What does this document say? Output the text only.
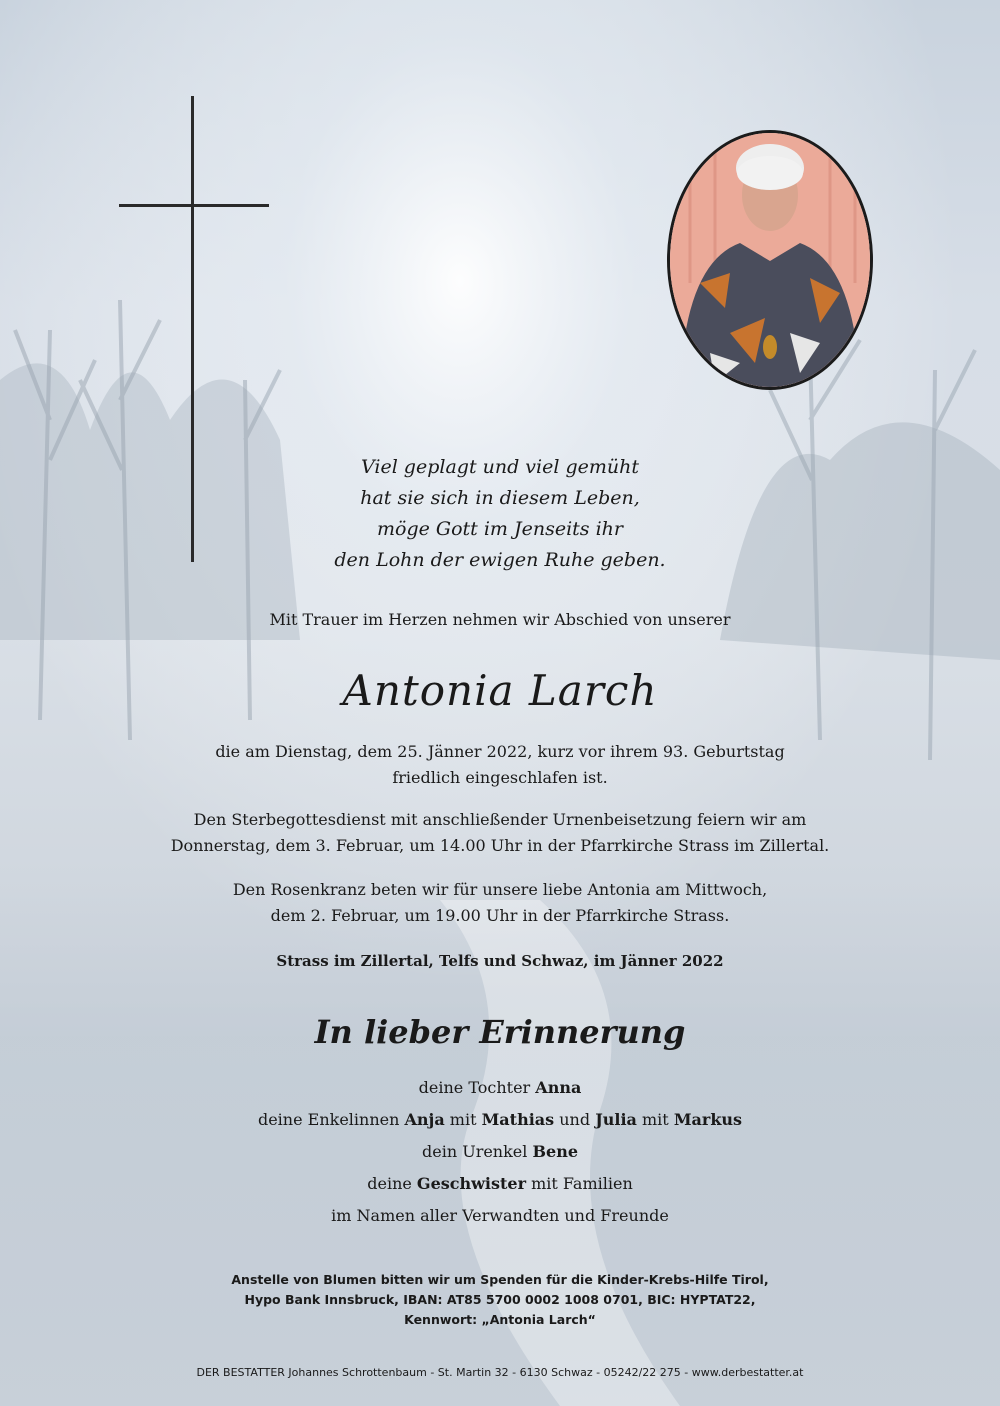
Viel geplagt und viel gemüht
hat sie sich in diesem Leben,
möge Gott im Jenseits ihr
den Lohn der ewigen Ruhe geben.
Mit Trauer im Herzen nehmen wir Abschied von unserer
Antonia Larch
die am Dienstag, dem 25. Jänner 2022, kurz vor ihrem 93. Geburtstag
friedlich eingeschlafen ist.
Den Sterbegottesdienst mit anschließender Urnenbeisetzung feiern wir am
Donnerstag, dem 3. Februar, um 14.00 Uhr in der Pfarrkirche Strass im Zillertal.
Den Rosenkranz beten wir für unsere liebe Antonia am Mittwoch,
dem 2. Februar, um 19.00 Uhr in der Pfarrkirche Strass.
Strass im Zillertal, Telfs und Schwaz, im Jänner 2022
In lieber Erinnerung
deine Tochter Anna
deine Enkelinnen Anja mit Mathias und Julia mit Markus
dein Urenkel Bene
deine Geschwister mit Familien
im Namen aller Verwandten und Freunde
Anstelle von Blumen bitten wir um Spenden für die Kinder-Krebs-Hilfe Tirol,
Hypo Bank Innsbruck, IBAN: AT85 5700 0002 1008 0701, BIC: HYPTAT22,
Kennwort: „Antonia Larch“
DER BESTATTER Johannes Schrottenbaum - St. Martin 32 - 6130 Schwaz - 05242/22 275 - www.derbestatter.at
